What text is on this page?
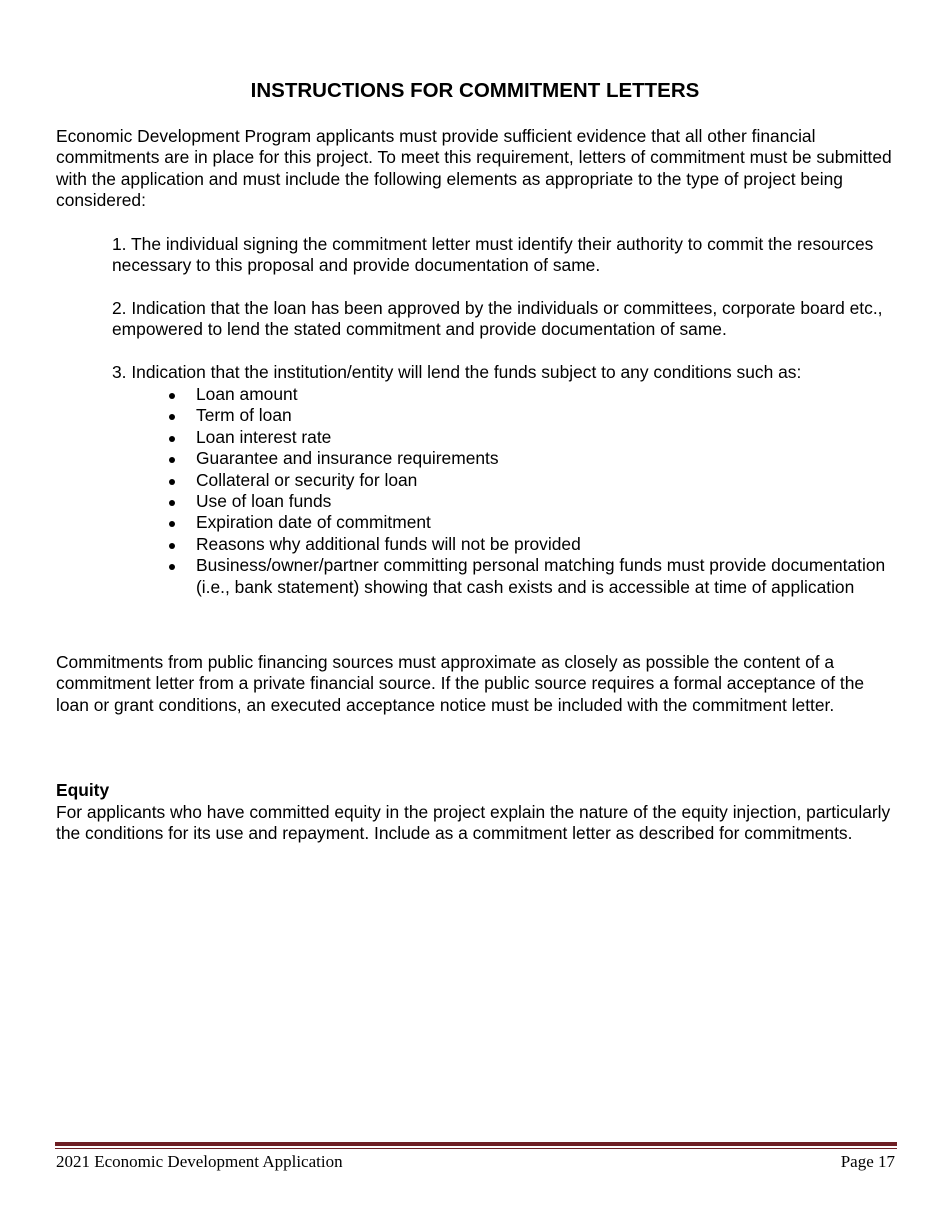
INSTRUCTIONS FOR COMMITMENT LETTERS

Economic Development Program applicants must provide sufficient evidence that all other financial commitments are in place for this project. To meet this requirement, letters of commitment must be submitted with the application and must include the following elements as appropriate to the type of project being considered:

1. The individual signing the commitment letter must identify their authority to commit the resources necessary to this proposal and provide documentation of same.

2. Indication that the loan has been approved by the individuals or committees, corporate board etc., empowered to lend the stated commitment and provide documentation of same.

3. Indication that the institution/entity will lend the funds subject to any conditions such as:

Loan amount
Term of loan
Loan interest rate
Guarantee and insurance requirements
Collateral or security for loan
Use of loan funds
Expiration date of commitment
Reasons why additional funds will not be provided
Business/owner/partner committing personal matching funds must provide documentation (i.e., bank statement) showing that cash exists and is accessible at time of application

Commitments from public financing sources must approximate as closely as possible the content of a commitment letter from a private financial source. If the public source requires a formal acceptance of the loan or grant conditions, an executed acceptance notice must be included with the commitment letter.

Equity

For applicants who have committed equity in the project explain the nature of the equity injection, particularly the conditions for its use and repayment. Include as a commitment letter as described for commitments.

2021 Economic Development Application	Page 17
